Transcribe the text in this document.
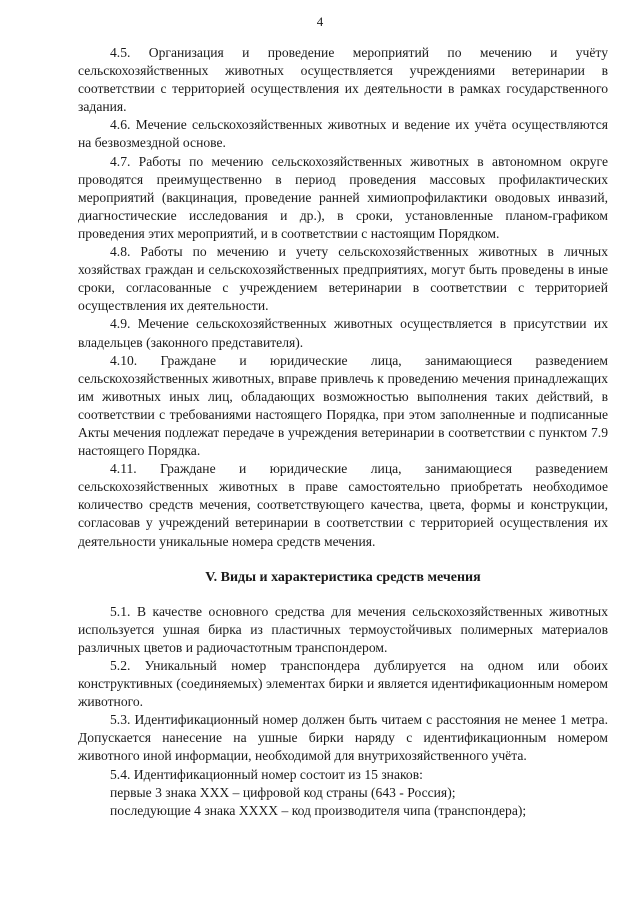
4

4.5. Организация и проведение мероприятий по мечению и учёту сельскохозяйственных животных осуществляется учреждениями ветеринарии в соответствии с территорией осуществления их деятельности в рамках государственного задания.

4.6. Мечение сельскохозяйственных животных и ведение их учёта осуществляются на безвозмездной основе.

4.7. Работы по мечению сельскохозяйственных животных в автономном округе проводятся преимущественно в период проведения массовых профилактических мероприятий (вакцинация, проведение ранней химиопрофилактики оводовых инвазий, диагностические исследования и др.), в сроки, установленные планом-графиком проведения этих мероприятий, и в соответствии с настоящим Порядком.

4.8. Работы по мечению и учету сельскохозяйственных животных в личных хозяйствах граждан и сельскохозяйственных предприятиях, могут быть проведены в иные сроки, согласованные с учреждением ветеринарии в соответствии с территорией осуществления их деятельности.

4.9. Мечение сельскохозяйственных животных осуществляется в присутствии их владельцев (законного представителя).

4.10. Граждане и юридические лица, занимающиеся разведением сельскохозяйственных животных, вправе привлечь к проведению мечения принадлежащих им животных иных лиц, обладающих возможностью выполнения таких действий, в соответствии с требованиями настоящего Порядка, при этом заполненные и подписанные Акты мечения подлежат передаче в учреждения ветеринарии в соответствии с пунктом 7.9 настоящего Порядка.

4.11. Граждане и юридические лица, занимающиеся разведением сельскохозяйственных животных в праве самостоятельно приобретать необходимое количество средств мечения, соответствующего качества, цвета, формы и конструкции, согласовав у учреждений ветеринарии в соответствии с территорией осуществления их деятельности уникальные номера средств мечения.

V. Виды и характеристика средств мечения

5.1. В качестве основного средства для мечения сельскохозяйственных животных используется ушная бирка из пластичных термоустойчивых полимерных материалов различных цветов и радиочастотным транспондером.

5.2. Уникальный номер транспондера дублируется на одном или обоих конструктивных (соединяемых) элементах бирки и является идентификационным номером животного.

5.3. Идентификационный номер должен быть читаем с расстояния не менее 1 метра. Допускается нанесение на ушные бирки наряду с идентификационным номером животного иной информации, необходимой для внутрихозяйственного учёта.

5.4. Идентификационный номер состоит из 15 знаков:

первые 3 знака XXX – цифровой код страны (643 - Россия);

последующие 4 знака XXXX – код производителя чипа (транспондера);
